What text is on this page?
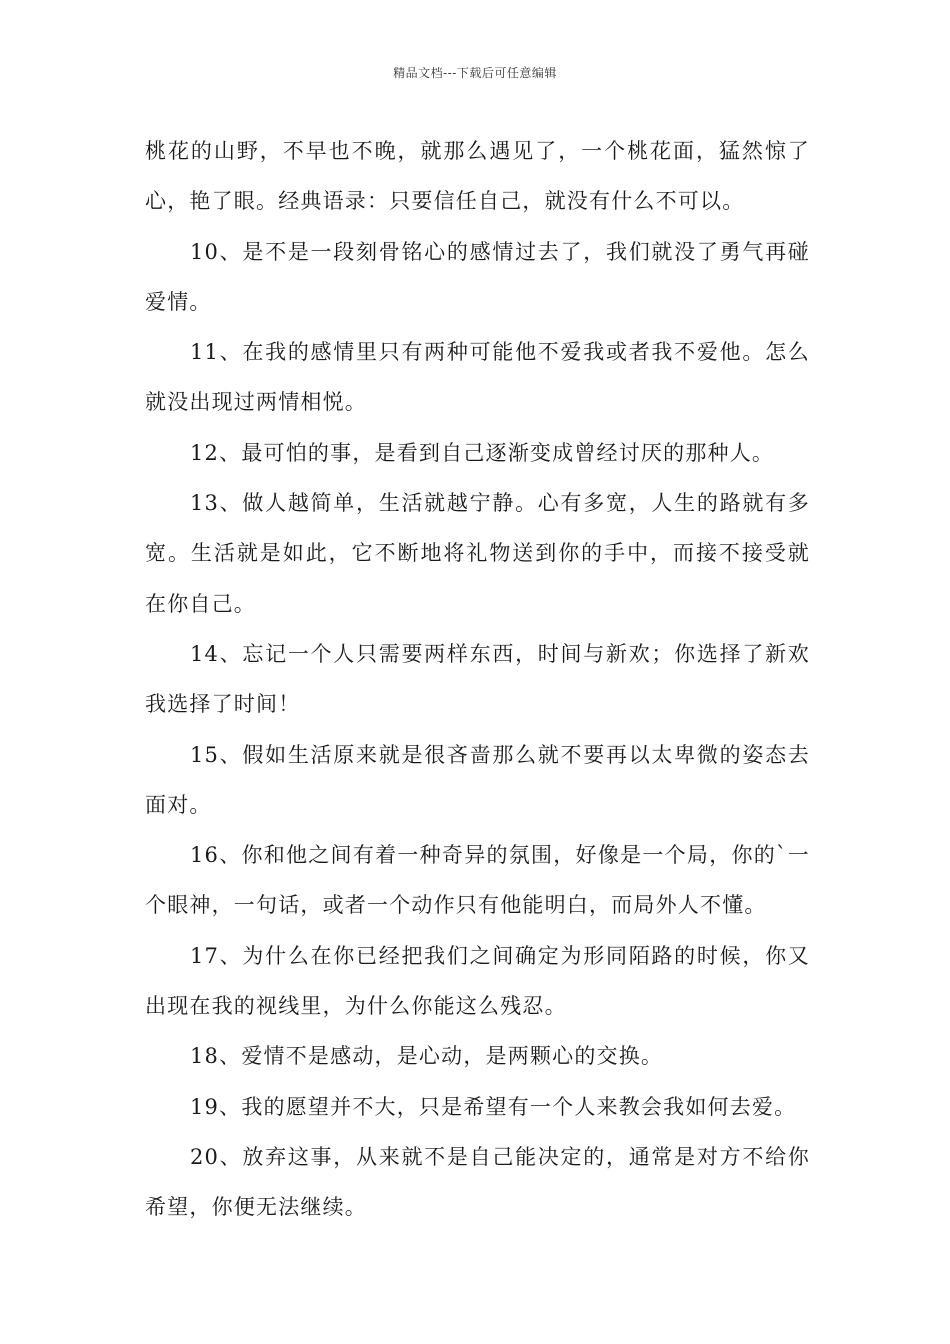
精品文档---下载后可任意编辑

桃花的山野，不早也不晚，就那么遇见了，一个桃花面，猛然惊了心，艳了眼。经典语录：只要信任自己，就没有什么不可以。

10、是不是一段刻骨铭心的感情过去了，我们就没了勇气再碰爱情。

11、在我的感情里只有两种可能他不爱我或者我不爱他。怎么就没出现过两情相悦。

12、最可怕的事，是看到自己逐渐变成曾经讨厌的那种人。

13、做人越简单，生活就越宁静。心有多宽，人生的路就有多宽。生活就是如此，它不断地将礼物送到你的手中，而接不接受就在你自己。

14、忘记一个人只需要两样东西，时间与新欢；你选择了新欢我选择了时间！

15、假如生活原来就是很吝啬那么就不要再以太卑微的姿态去面对。

16、你和他之间有着一种奇异的氛围，好像是一个局，你的`一个眼神，一句话，或者一个动作只有他能明白，而局外人不懂。

17、为什么在你已经把我们之间确定为形同陌路的时候，你又出现在我的视线里，为什么你能这么残忍。

18、爱情不是感动，是心动，是两颗心的交换。

19、我的愿望并不大，只是希望有一个人来教会我如何去爱。

20、放弃这事，从来就不是自己能决定的，通常是对方不给你希望，你便无法继续。
